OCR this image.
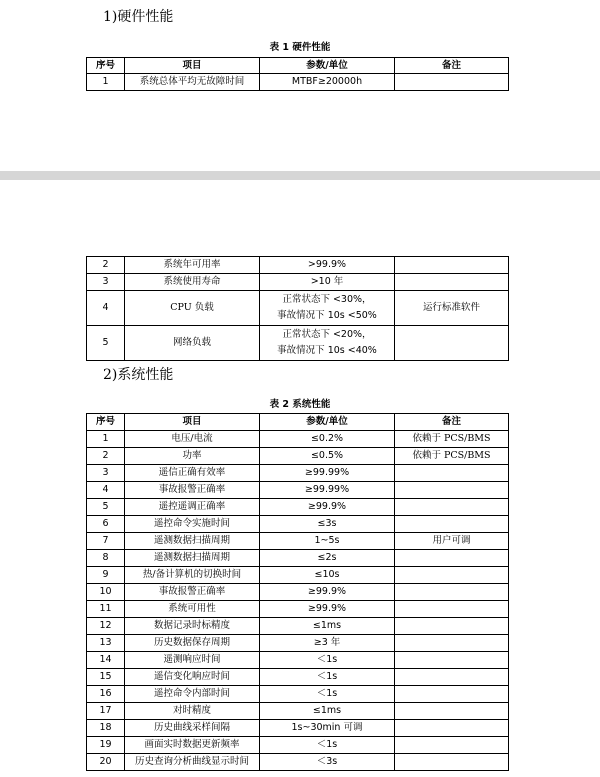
1)硬件性能
表 1 硬件性能
序号	项目	参数/单位	备注
1	系统总体平均无故障时间	MTBF≥20000h	
2	系统年可用率	>99.9%	
3	系统使用寿命	>10 年	
4	CPU 负载	正常状态下 <30%，
事故情况下 10s <50%	运行标准软件
5	网络负载	正常状态下 <20%，
事故情况下 10s <40%	
2)系统性能
表 2 系统性能
序号	项目	参数/单位	备注
1	电压/电流	≤0.2%	依赖于 PCS/BMS
2	功率	≤0.5%	依赖于 PCS/BMS
3	遥信正确有效率	≥99.99%	
4	事故报警正确率	≥99.99%	
5	遥控遥调正确率	≥99.9%	
6	遥控命令实施时间	≤3s	
7	遥测数据扫描周期	1~5s	用户可调
8	遥测数据扫描周期	≤2s	
9	热/备计算机的切换时间	≤10s	
10	事故报警正确率	≥99.9%	
11	系统可用性	≥99.9%	
12	数据记录时标精度	≤1ms	
13	历史数据保存周期	≥3 年	
14	遥测响应时间	＜1s	
15	遥信变化响应时间	＜1s	
16	遥控命令内部时间	＜1s	
17	对时精度	≤1ms	
18	历史曲线采样间隔	1s~30min 可调	
19	画面实时数据更新频率	＜1s	
20	历史查询分析曲线显示时间	＜3s	
